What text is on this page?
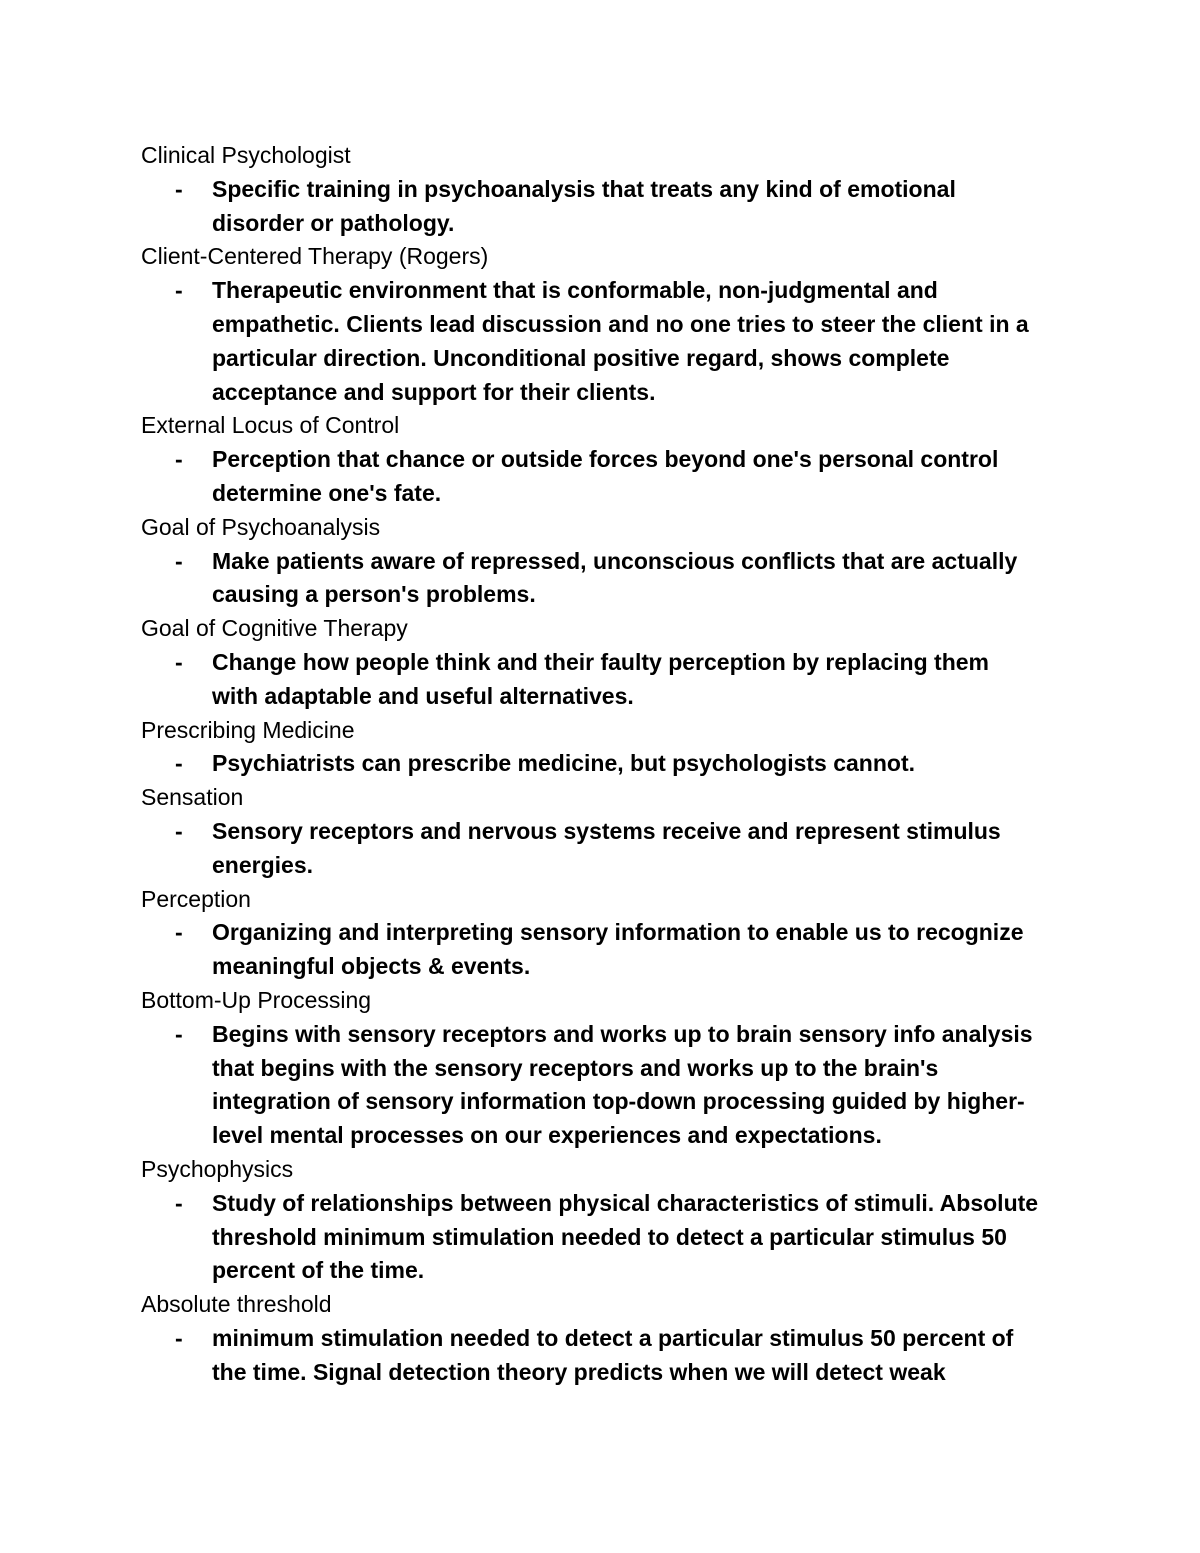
Clinical Psychologist

- Specific training in psychoanalysis that treats any kind of emotional
disorder or pathology.

Client-Centered Therapy (Rogers)

- Therapeutic environment that is conformable, non-judgmental and
empathetic. Clients lead discussion and no one tries to steer the client in a
particular direction. Unconditional positive regard, shows complete
acceptance and support for their clients.

External Locus of Control

- Perception that chance or outside forces beyond one's personal control
determine one's fate.

Goal of Psychoanalysis

- Make patients aware of repressed, unconscious conflicts that are actually
causing a person's problems.

Goal of Cognitive Therapy

- Change how people think and their faulty perception by replacing them
with adaptable and useful alternatives.

Prescribing Medicine

- Psychiatrists can prescribe medicine, but psychologists cannot.

Sensation

- Sensory receptors and nervous systems receive and represent stimulus
energies.

Perception

- Organizing and interpreting sensory information to enable us to recognize
meaningful objects & events.

Bottom-Up Processing

- Begins with sensory receptors and works up to brain sensory info analysis
that begins with the sensory receptors and works up to the brain's
integration of sensory information top-down processing guided by higher-
level mental processes on our experiences and expectations.

Psychophysics

- Study of relationships between physical characteristics of stimuli. Absolute
threshold minimum stimulation needed to detect a particular stimulus 50
percent of the time.

Absolute threshold

- minimum stimulation needed to detect a particular stimulus 50 percent of
the time. Signal detection theory predicts when we will detect weak
